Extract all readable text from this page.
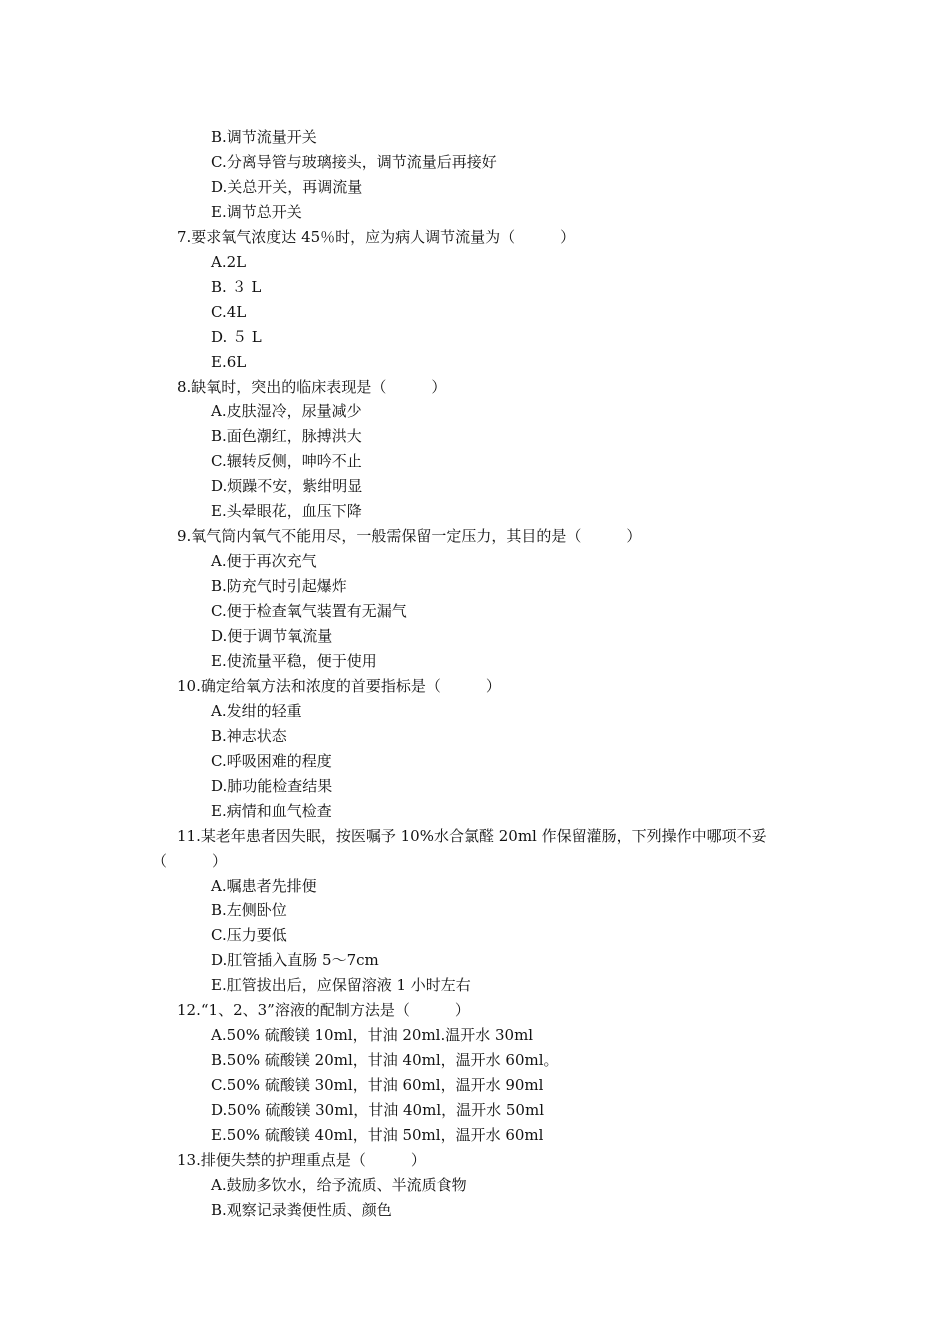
B.调节流量开关
C.分离导管与玻璃接头，调节流量后再接好
D.关总开关，再调流量
E.调节总开关
7.要求氧气浓度达 45％时，应为病人调节流量为（　　　）
A.2L
B. ３ L
C.4L
D. ５ L
E.6L
8.缺氧时，突出的临床表现是（　　　）
A.皮肤湿冷，尿量减少
B.面色潮红，脉搏洪大
C.辗转反侧，呻吟不止
D.烦躁不安，紫绀明显
E.头晕眼花，血压下降
9.氧气筒内氧气不能用尽，一般需保留一定压力，其目的是（　　　）
A.便于再次充气
B.防充气时引起爆炸
C.便于检查氧气装置有无漏气
D.便于调节氧流量
E.使流量平稳，便于使用
10.确定给氧方法和浓度的首要指标是（　　　）
A.发绀的轻重
B.神志状态
C.呼吸困难的程度
D.肺功能检查结果
E.病情和血气检查
11.某老年患者因失眠，按医嘱予 10%水合氯醛 20ml 作保留灌肠，下列操作中哪项不妥
（　　　）
A.嘱患者先排便
B.左侧卧位
C.压力要低
D.肛管插入直肠 5～7cm
E.肛管拔出后，应保留溶液 1 小时左右
12.“1、2、3”溶液的配制方法是（　　　）
A.50% 硫酸镁 10ml，甘油 20ml.温开水 30ml
B.50% 硫酸镁 20ml，甘油 40ml，温开水 60ml。
C.50% 硫酸镁 30ml，甘油 60ml，温开水 90ml
D.50% 硫酸镁 30ml，甘油 40ml，温开水 50ml
E.50% 硫酸镁 40ml，甘油 50ml，温开水 60ml
13.排便失禁的护理重点是（　　　）
A.鼓励多饮水，给予流质、半流质食物
B.观察记录粪便性质、颜色
